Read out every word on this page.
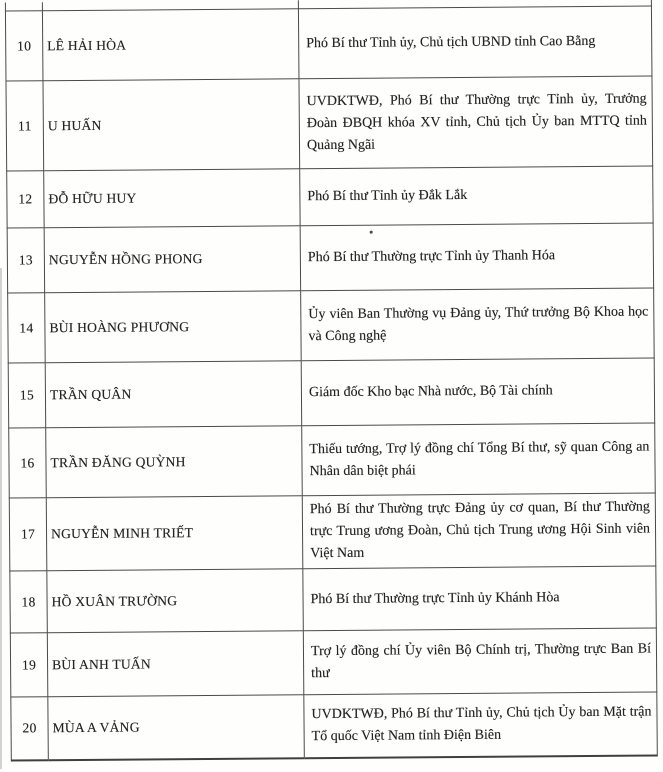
10	LÊ HẢI HÒA	Phó Bí thư Tỉnh ủy, Chủ tịch UBND tỉnh Cao Bằng
11	U HUẤN	UVDKTWĐ, Phó Bí thư Thường trực Tỉnh ủy, Trưởng Đoàn ĐBQH khóa XV tỉnh, Chủ tịch Ủy ban MTTQ tỉnh Quảng Ngãi
12	ĐỖ HỮU HUY	Phó Bí thư Tỉnh ủy Đắk Lắk
13	NGUYỄN HỒNG PHONG	Phó Bí thư Thường trực Tỉnh ủy Thanh Hóa
14	BÙI HOÀNG PHƯƠNG	Ủy viên Ban Thường vụ Đảng ủy, Thứ trưởng Bộ Khoa học và Công nghệ
15	TRẦN QUÂN	Giám đốc Kho bạc Nhà nước, Bộ Tài chính
16	TRẦN ĐĂNG QUỲNH	Thiếu tướng, Trợ lý đồng chí Tổng Bí thư, sỹ quan Công an Nhân dân biệt phái
17	NGUYỄN MINH TRIẾT	Phó Bí thư Thường trực Đảng ủy cơ quan, Bí thư Thường trực Trung ương Đoàn, Chủ tịch Trung ương Hội Sinh viên Việt Nam
18	HỒ XUÂN TRƯỜNG	Phó Bí thư Thường trực Tỉnh ủy Khánh Hòa
19	BÙI ANH TUẤN	Trợ lý đồng chí Ủy viên Bộ Chính trị, Thường trực Ban Bí thư
20	MÙA A VẢNG	UVDKTWĐ, Phó Bí thư Tỉnh ủy, Chủ tịch Ủy ban Mặt trận Tổ quốc Việt Nam tỉnh Điện Biên
